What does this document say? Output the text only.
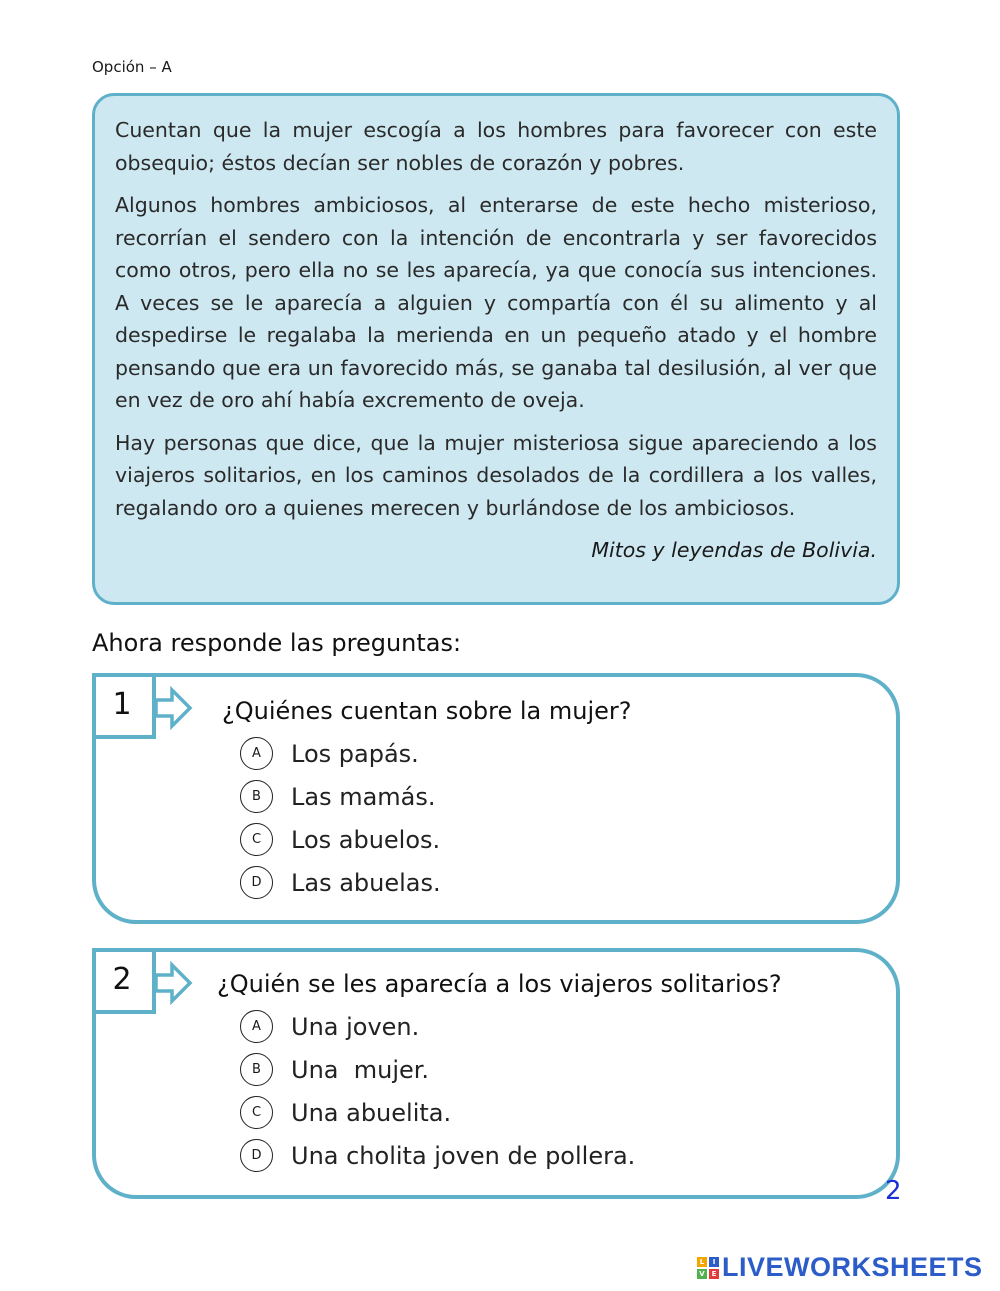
Opción – A

Cuentan que la mujer escogía a los hombres para favorecer con este obsequio; éstos decían ser nobles de corazón y pobres.

Algunos hombres ambiciosos, al enterarse de este hecho misterioso, recorrían el sendero con la intención de encontrarla y ser favorecidos como otros, pero ella no se les aparecía, ya que conocía sus intenciones. A veces se le aparecía a alguien y compartía con él su alimento y al despedirse le regalaba la merienda en un pequeño atado y el hombre pensando que era un favorecido más, se ganaba tal desilusión, al ver que en vez de oro ahí había excremento de oveja.

Hay personas que dice, que la mujer misteriosa sigue apareciendo a los viajeros solitarios, en los caminos desolados de la cordillera a los valles, regalando oro a quienes merecen y burlándose de los ambiciosos.

Mitos y leyendas de Bolivia.
Ahora responde las preguntas:
1	¿Quiénes cuentan sobre la mujer?
A	Los papás.
B	Las mamás.
C	Los abuelos.
D	Las abuelas.
2	¿Quién se les aparecía a los viajeros solitarios?
A	Una joven.
B	Una  mujer.
C	Una abuelita.
D	Una cholita joven de pollera.
2
L	I
V E LIVEWORKSHEETS
